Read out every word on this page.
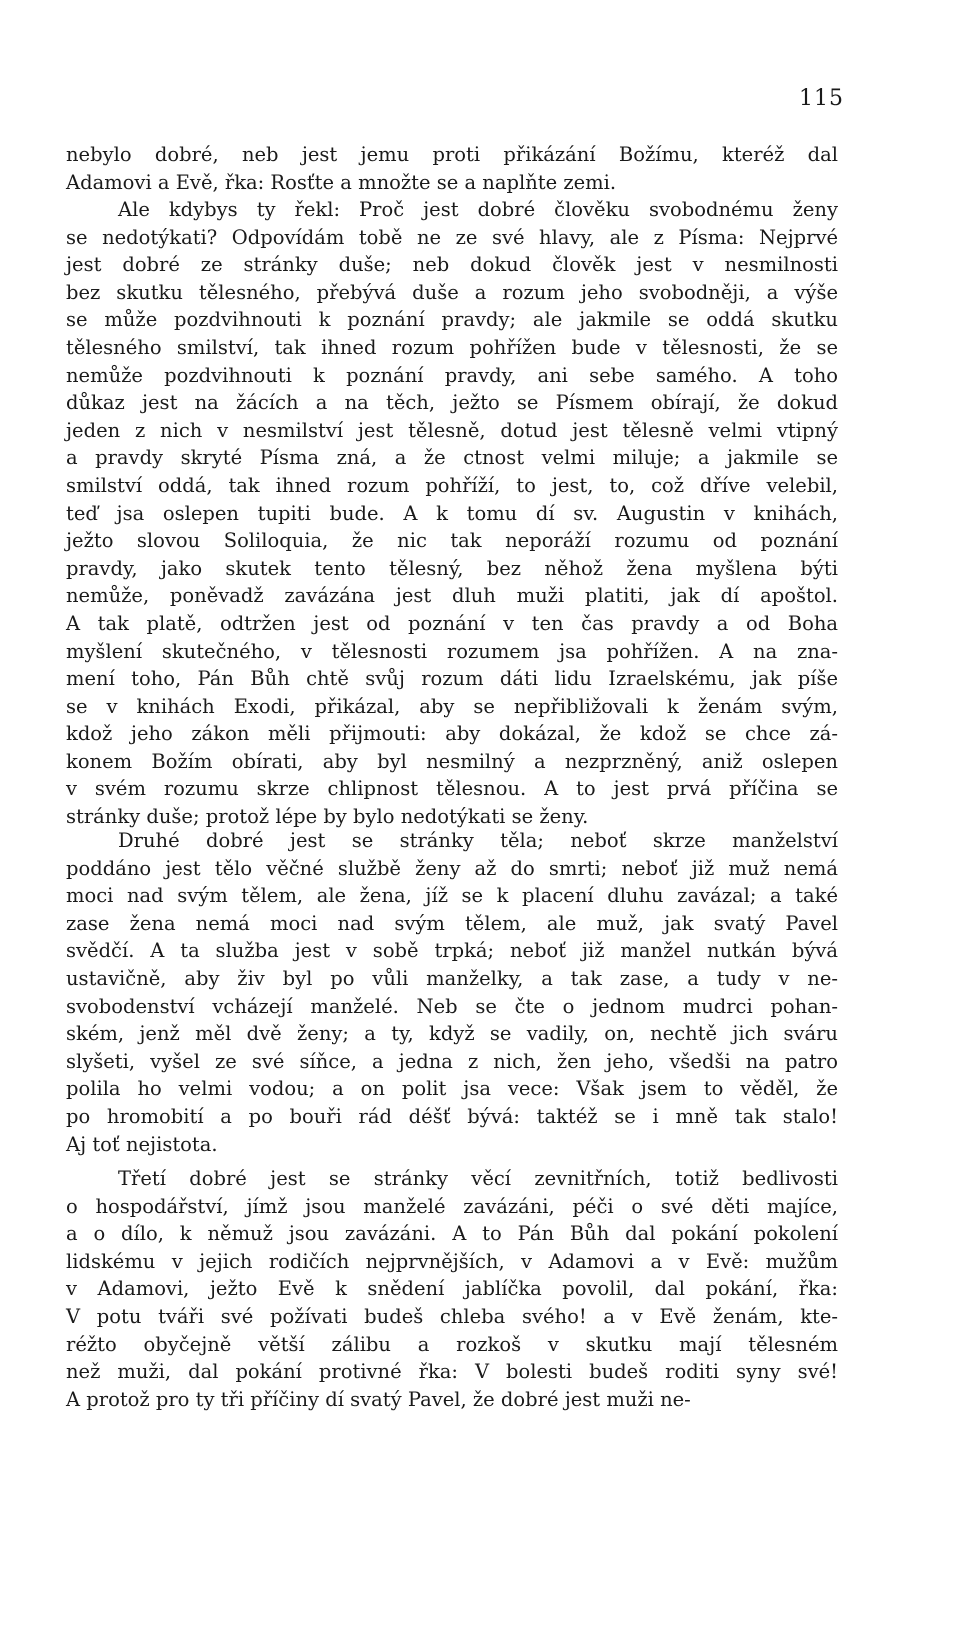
115
nebylo dobré, neb jest jemu proti přikázání Božímu, kteréž dal
Adamovi a Evě, řka: Rosťte a množte se a naplňte zemi.
Ale kdybys ty řekl: Proč jest dobré člověku svobodnému ženy
se nedotýkati? Odpovídám tobě ne ze své hlavy, ale z Písma: Nejprvé
jest dobré ze stránky duše; neb dokud člověk jest v nesmilnosti
bez skutku tělesného, přebývá duše a rozum jeho svobodněji, a výše
se může pozdvihnouti k poznání pravdy; ale jakmile se oddá skutku
tělesného smilství, tak ihned rozum pohřížen bude v tělesnosti, že se
nemůže pozdvihnouti k poznání pravdy, ani sebe samého. A toho
důkaz jest na žácích a na těch, ježto se Písmem obírají, že dokud
jeden z nich v nesmilství jest tělesně, dotud jest tělesně velmi vtipný
a pravdy skryté Písma zná, a že ctnost velmi miluje; a jakmile se
smilství oddá, tak ihned rozum pohříží, to jest, to, což dříve velebil,
teď jsa oslepen tupiti bude. A k tomu dí sv. Augustin v knihách,
ježto slovou Soliloquia, že nic tak neporáží rozumu od poznání
pravdy, jako skutek tento tělesný, bez něhož žena myšlena býti
nemůže, poněvadž zavázána jest dluh muži platiti, jak dí apoštol.
A tak platě, odtržen jest od poznání v ten čas pravdy a od Boha
myšlení skutečného, v tělesnosti rozumem jsa pohřížen. A na zna-
mení toho, Pán Bůh chtě svůj rozum dáti lidu Izraelskému, jak píše
se v knihách Exodi, přikázal, aby se nepřibližovali k ženám svým,
kdož jeho zákon měli přijmouti: aby dokázal, že kdož se chce zá-
konem Božím obírati, aby byl nesmilný a nezprzněný, aniž oslepen
v svém rozumu skrze chlipnost tělesnou. A to jest prvá příčina se
stránky duše; protož lépe by bylo nedotýkati se ženy.
Druhé dobré jest se stránky těla; neboť skrze manželství
poddáno jest tělo věčné službě ženy až do smrti; neboť již muž nemá
moci nad svým tělem, ale žena, jíž se k placení dluhu zavázal; a také
zase žena nemá moci nad svým tělem, ale muž, jak svatý Pavel
svědčí. A ta služba jest v sobě trpká; neboť již manžel nutkán bývá
ustavičně, aby živ byl po vůli manželky, a tak zase, a tudy v ne-
svobodenství vcházejí manželé. Neb se čte o jednom mudrci pohan-
ském, jenž měl dvě ženy; a ty, když se vadily, on, nechtě jich sváru
slyšeti, vyšel ze své síňce, a jedna z nich, žen jeho, všedši na patro
polila ho velmi vodou; a on polit jsa vece: Však jsem to věděl, že
po hromobití a po bouři rád déšť bývá: taktéž se i mně tak stalo!
Aj toť nejistota.
Třetí dobré jest se stránky věcí zevnitřních, totiž bedlivosti
o hospodářství, jímž jsou manželé zavázáni, péči o své děti majíce,
a o dílo, k němuž jsou zavázáni. A to Pán Bůh dal pokání pokolení
lidskému v jejich rodičích nejprvnějších, v Adamovi a v Evě: mužům
v Adamovi, ježto Evě k snědení jablíčka povolil, dal pokání, řka:
V potu tváři své požívati budeš chleba svého! a v Evě ženám, kte-
réžto obyčejně větší zálibu a rozkoš v skutku mají tělesném
než muži, dal pokání protivné řka: V bolesti budeš roditi syny své!
A protož pro ty tři příčiny dí svatý Pavel, že dobré jest muži ne-
